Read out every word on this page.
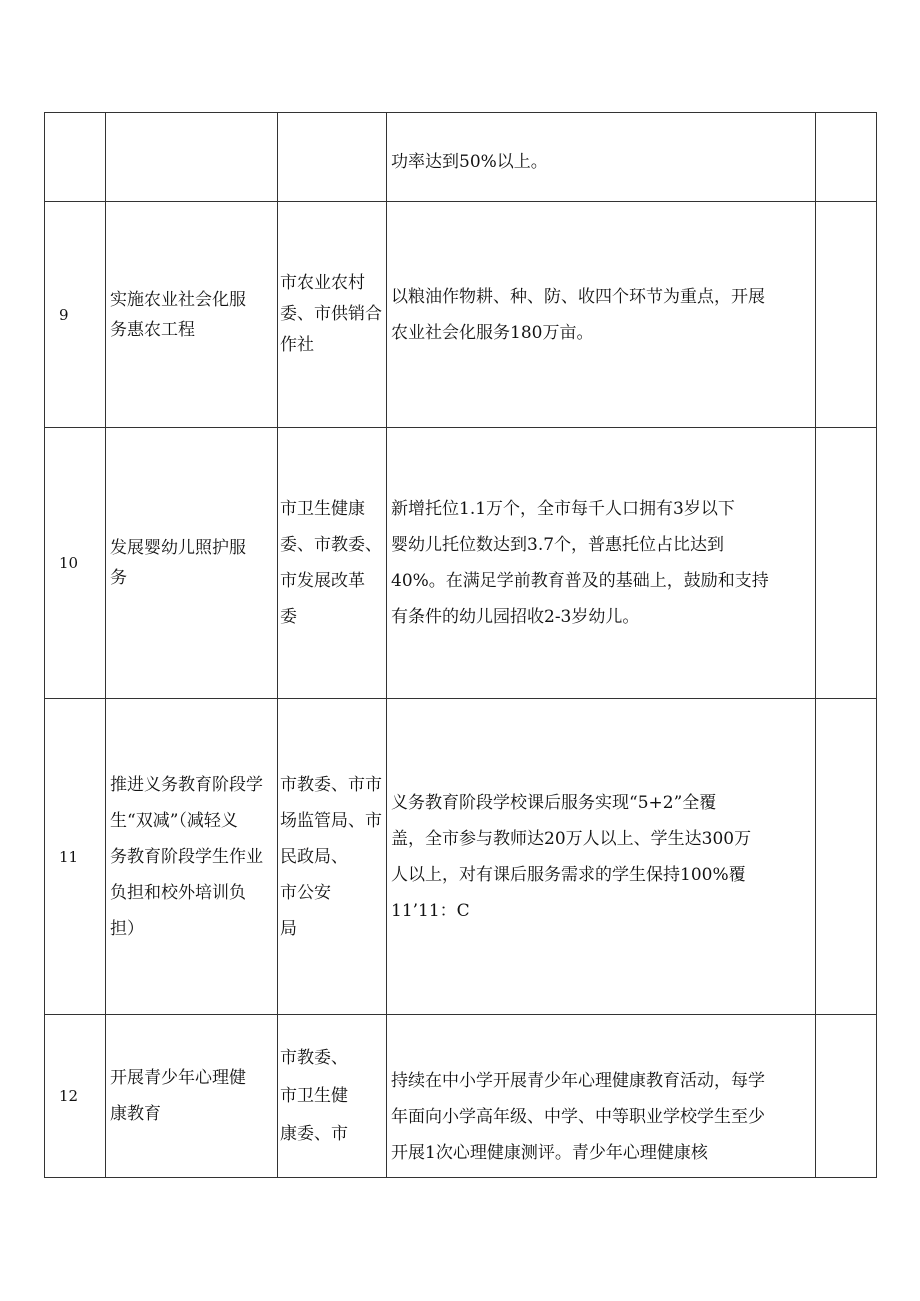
			功率达到50%以上。	

9	实施农业社会化服
务惠农工程	市农业农村
委、市供销合
作社	以粮油作物耕、种、防、收四个环节为重点，开展
农业社会化服务180万亩。	

10	发展婴幼儿照护服
务	市卫生健康
委、市教委、
市发展改革
委	新增托位1.1万个，全市每千人口拥有3岁以下
婴幼儿托位数达到3.7个，普惠托位占比达到
40%。在满足学前教育普及的基础上，鼓励和支持
有条件的幼儿园招收2-3岁幼儿。	

11	推进义务教育阶段学
生“双减”（减轻义
务教育阶段学生作业
负担和校外培训负
担）	市教委、市市
场监管局、市
民政局、
市公安
局	义务教育阶段学校课后服务实现“5+2”全覆
盖，全市参与教师达20万人以上、学生达300万
人以上，对有课后服务需求的学生保持100%覆
11’11：C	

12	开展青少年心理健
康教育	市教委、
市卫生健
康委、市	持续在中小学开展青少年心理健康教育活动，每学
年面向小学高年级、中学、中等职业学校学生至少
开展1次心理健康测评。青少年心理健康核	
